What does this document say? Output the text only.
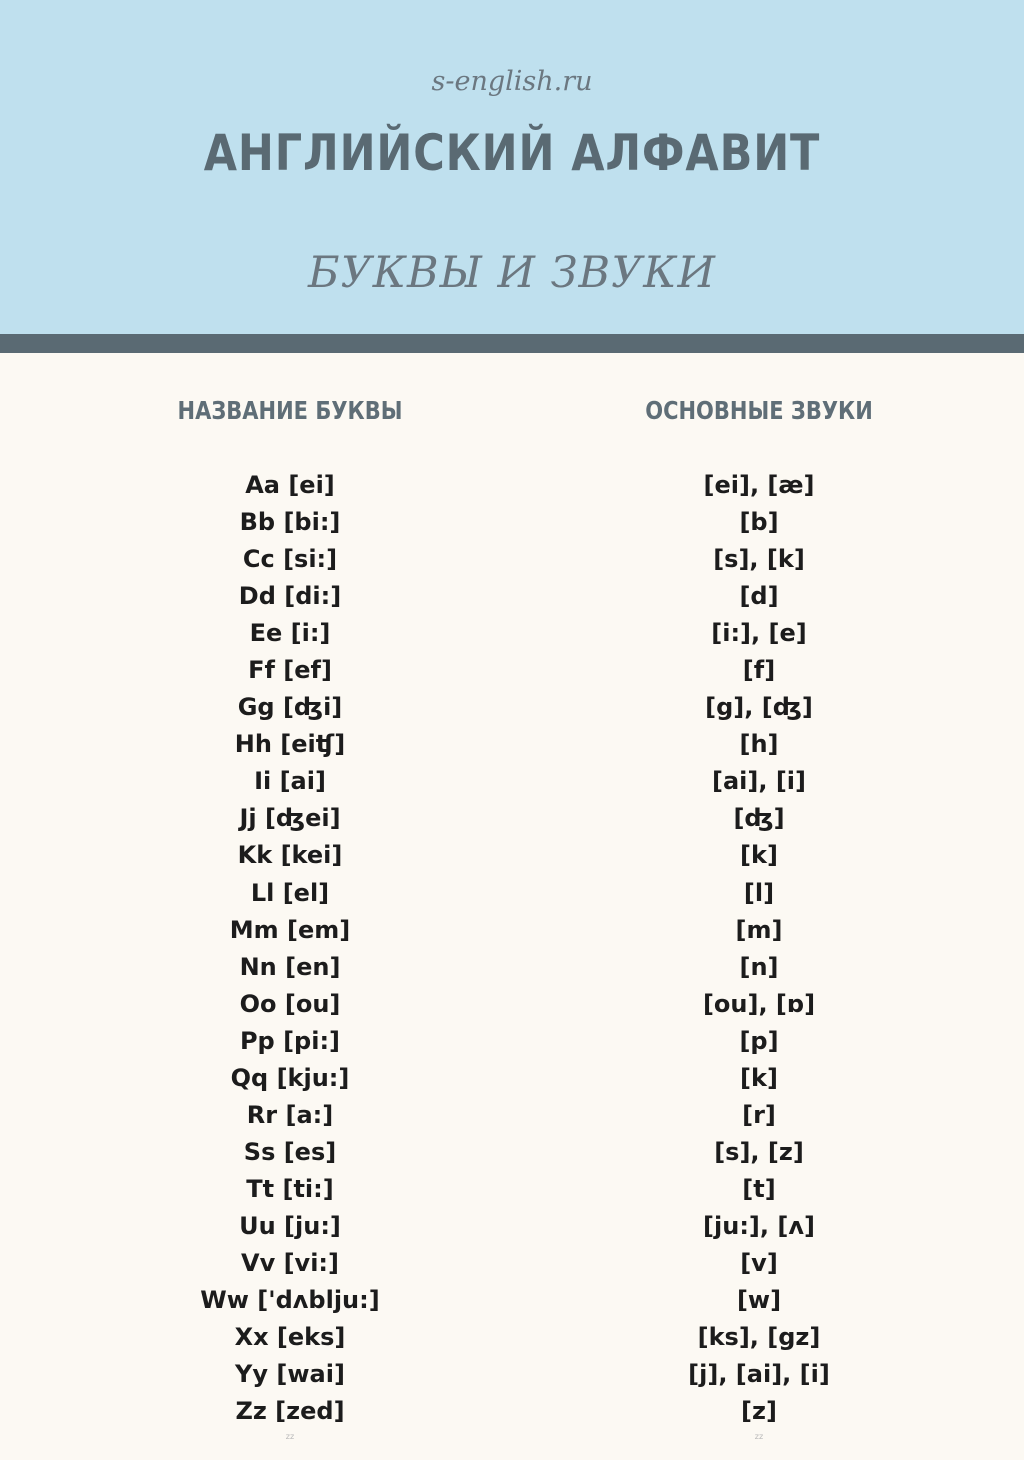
s-english.ru
АНГЛИЙСКИЙ АЛФАВИТ
БУКВЫ И ЗВУКИ
НАЗВАНИЕ БУКВЫ	ОСНОВНЫЕ ЗВУКИ
Aa [ei]	[ei], [æ]
Bb [bi:]	[b]
Cc [si:]	[s], [k]
Dd [di:]	[d]
Ee [i:]	[i:], [e]
Ff [ef]	[f]
Gg [ʤi]	[g], [ʤ]
Hh [eiʧ]	[h]
Ii [ai]	[ai], [i]
Jj [ʤei]	[ʤ]
Kk [kei]	[k]
Ll [el]	[l]
Mm [em]	[m]
Nn [en]	[n]
Oo [ou]	[ou], [ɒ]
Pp [pi:]	[p]
Qq [kju:]	[k]
Rr [a:]	[r]
Ss [es]	[s], [z]
Tt [ti:]	[t]
Uu [ju:]	[ju:], [ʌ]
Vv [vi:]	[v]
Ww ['dʌblju:]	[w]
Xx [eks]	[ks], [gz]
Yy [wai]	[j], [ai], [i]
Zz [zed]	[z]
zz	zz
